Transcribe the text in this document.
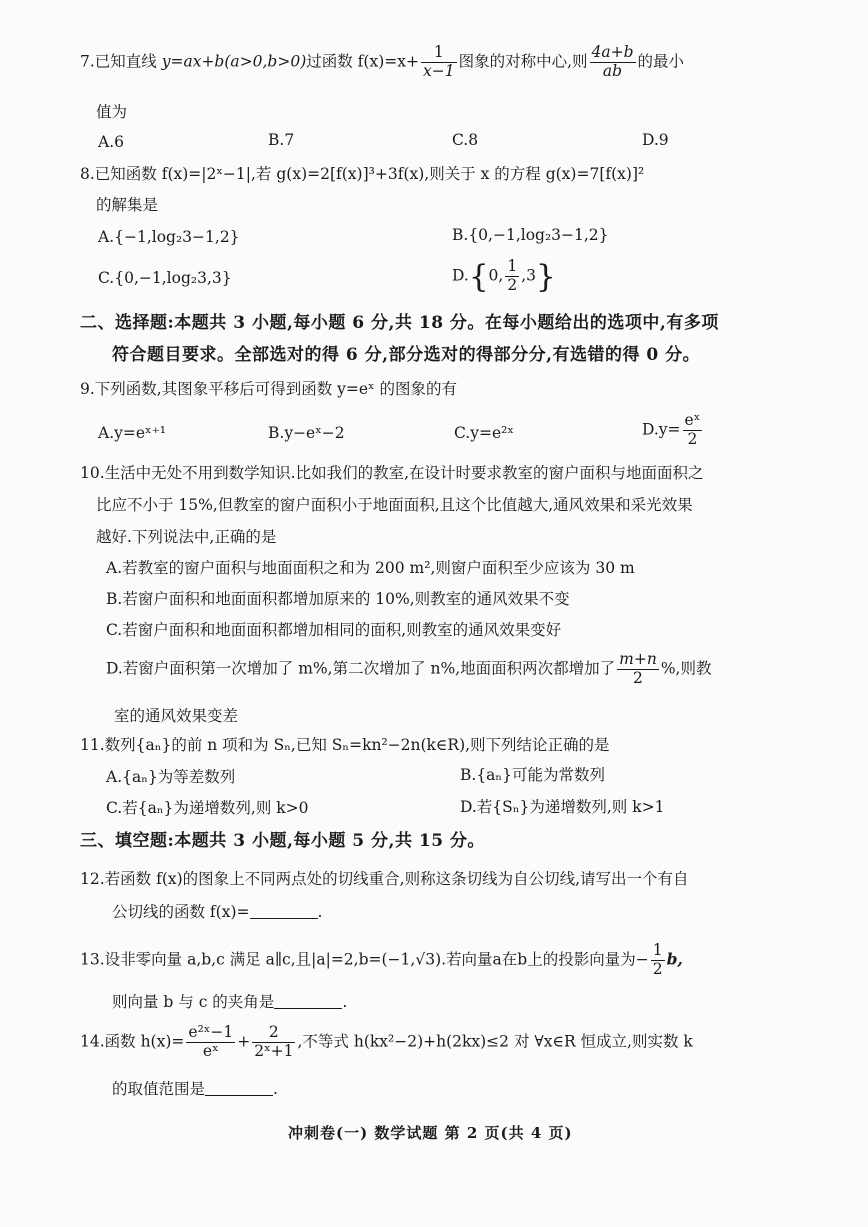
7.已知直线 y=ax+b(a>0,b>0)过函数 $f(x)=x+ \frac{1}{x-1}$ 图象的对称中心,则 $\frac{4a+b}{ab}$ 的最小
值为
A.6	B.7	C.8	D.9
8.已知函数 f(x)=|2ˣ−1|,若 g(x)=2[f(x)]³+3f(x),则关于 x 的方程 g(x)=7[f(x)]²
的解集是
A.{−1,log₂3−1,2}	B.{0,−1,log₂3−1,2}
C.{0,−1,log₂3,3}	D.{0, $\frac{1}{2} ,3$}
二、选择题:本题共 3 小题,每小题 6 分,共 18 分。在每小题给出的选项中,有多项
符合题目要求。全部选对的得 6 分,部分选对的得部分分,有选错的得 0 分。
9.下列函数,其图象平移后可得到函数 y=eˣ 的图象的有
A.y=eˣ⁺¹	B.y−eˣ−2	C.y=e²ˣ	$D.y= \frac{\text{eˣ}}{2}$
10.生活中无处不用到数学知识.比如我们的教室,在设计时要求教室的窗户面积与地面面积之
比应不小于 15%,但教室的窗户面积小于地面面积,且这个比值越大,通风效果和采光效果
越好.下列说法中,正确的是
A.若教室的窗户面积与地面面积之和为 200 m²,则窗户面积至少应该为 30 m
B.若窗户面积和地面面积都增加原来的 10%,则教室的通风效果不变
C.若窗户面积和地面面积都增加相同的面积,则教室的通风效果变好
D.若窗户面积第一次增加了 m%,第二次增加了 n%,地面面积两次都增加了 $\frac{m+n}{2}$ %,则教
室的通风效果变差
11.数列{aₙ}的前 n 项和为 Sₙ,已知 Sₙ=kn²−2n(k∈R),则下列结论正确的是
A.{aₙ}为等差数列	B.{aₙ}可能为常数列
C.若{aₙ}为递增数列,则 k>0	D.若{Sₙ}为递增数列,则 k>1
三、填空题:本题共 3 小题,每小题 5 分,共 15 分。
12.若函数 f(x)的图象上不同两点处的切线重合,则称这条切线为自公切线,请写出一个有自
公切线的函数 f(x)=	.
13.设非零向量 a,b,c 满足 a∥c,且|a|=2,b=(−1,√3).若向量a在b上的投影向量为− $\frac{1}{2} b$,
则向量 b 与 c 的夹角是	.
14.函数 $h(x)= \frac{\text{e²ˣ−1}}{\text{eˣ}} + \frac{2}{\text{2ˣ+1}}$ ,不等式 h(kx²−2)+h(2kx)≤2 对 ∀x∈R 恒成立,则实数 k
的取值范围是	.
冲刺卷(一) 数学试题 第 2 页(共 4 页)
